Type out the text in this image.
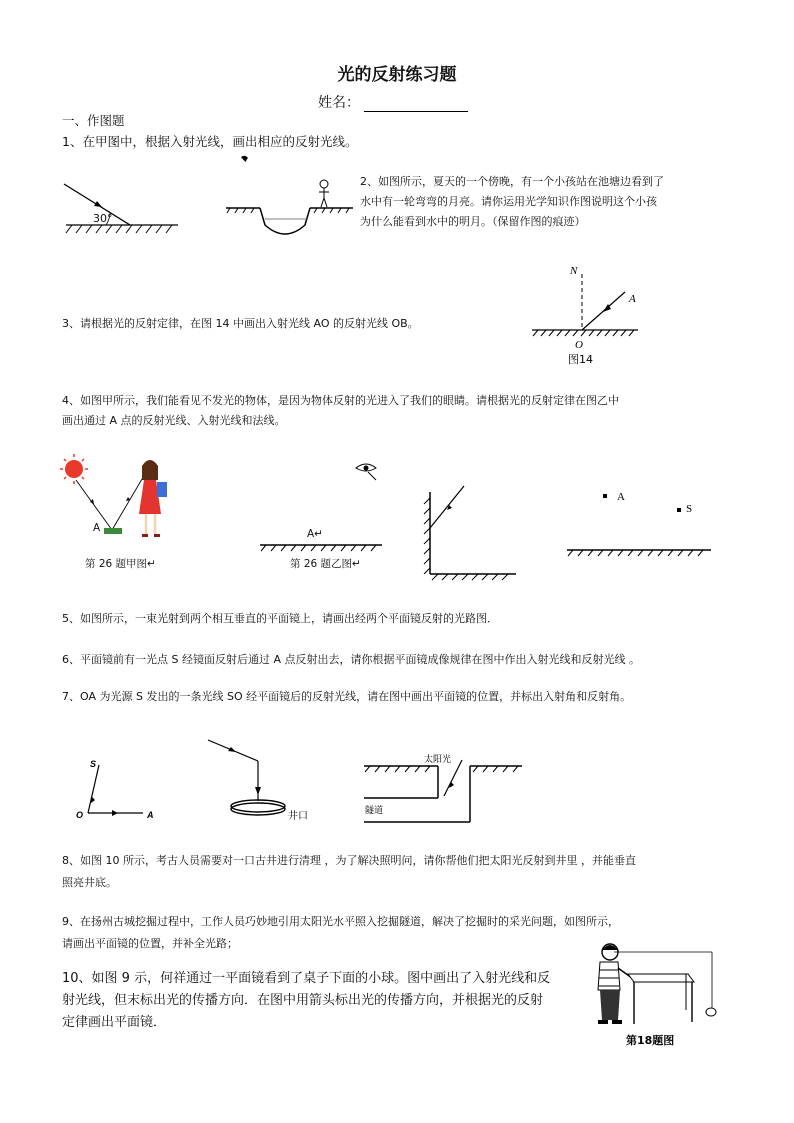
光的反射练习题
姓名：
一、作图题
1、在甲图中，根据入射光线，画出相应的反射光线。
30°
2、如图所示，夏天的一个傍晚，有一个小孩站在池塘边看到了
水中有一轮弯弯的月亮。请你运用光学知识作图说明这个小孩
为什么能看到水中的明月。（保留作图的痕迹）
3、请根据光的反射定律，在图 14 中画出入射光线 AO 的反射光线 OB。
N
A
O
图14
4、如图甲所示，我们能看见不发光的物体，是因为物体反射的光进入了我们的眼睛。请根据光的反射定律在图乙中
画出通过 A 点的反射光线、入射光线和法线。
A
第 26 题甲图↵
A↵
第 26 题乙图↵
A
S
5、如图所示，一束光射到两个相互垂直的平面镜上，请画出经两个平面镜反射的光路图．
6、平面镜前有一光点 S 经镜面反射后通过 A 点反射出去，请你根据平面镜成像规律在图中作出入射光线和反射光线 。
7、OA 为光源 S 发出的一条光线 SO 经平面镜后的反射光线，请在图中画出平面镜的位置，并标出入射角和反射角。
S
O	A	井口
太阳光
隧道
8、如图 10 所示，考古人员需要对一口古井进行清理 ，为了解决照明问，请你帮他们把太阳光反射到井里 ，并能垂直
照亮井底。
9、在扬州古城挖掘过程中，工作人员巧妙地引用太阳光水平照入挖掘隧道，解决了挖掘时的采光问题，如图所示，
请画出平面镜的位置，并补全光路；
10、如图 9 示，何祥通过一平面镜看到了桌子下面的小球。图中画出了入射光线和反
射光线，但末标出光的传播方向．在图中用箭头标出光的传播方向，并根据光的反射
定律画出平面镜．
第18题图
